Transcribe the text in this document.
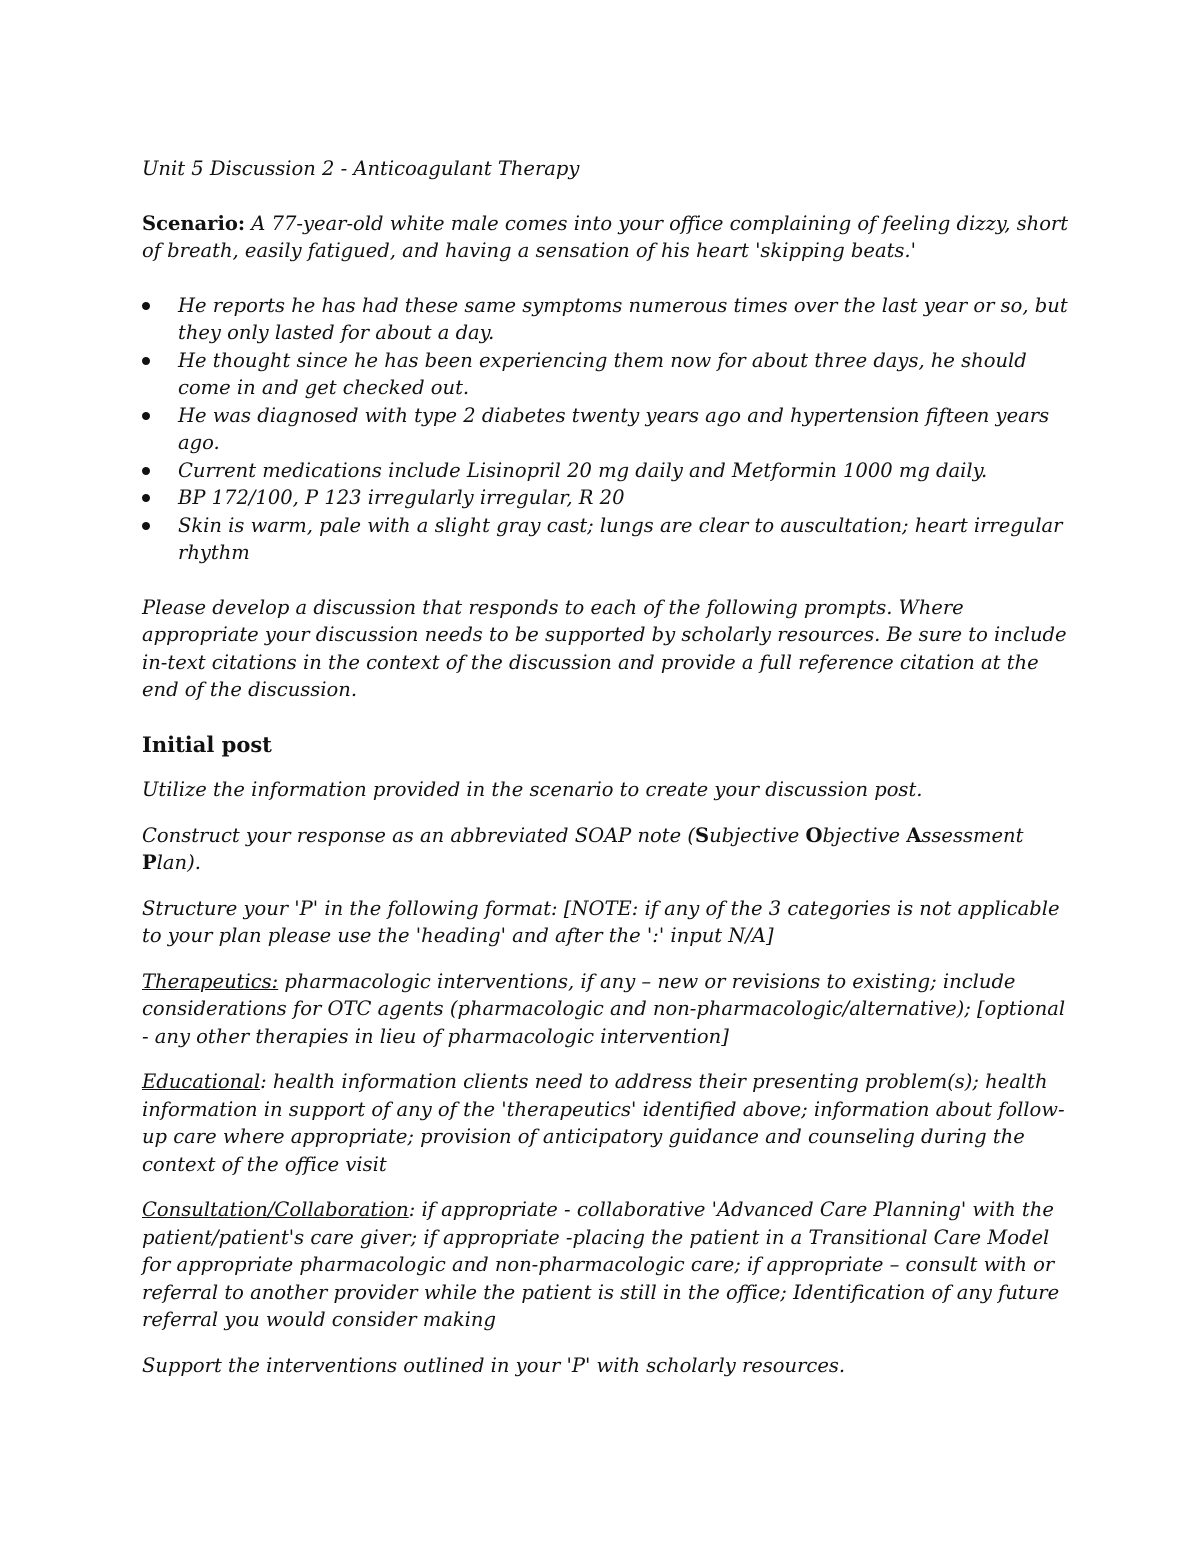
Unit 5 Discussion 2 - Anticoagulant Therapy

Scenario: A 77-year-old white male comes into your office complaining of feeling dizzy, short of breath, easily fatigued, and having a sensation of his heart 'skipping beats.'

He reports he has had these same symptoms numerous times over the last year or so, but they only lasted for about a day.
He thought since he has been experiencing them now for about three days, he should come in and get checked out.
He was diagnosed with type 2 diabetes twenty years ago and hypertension fifteen years ago.
Current medications include Lisinopril 20 mg daily and Metformin 1000 mg daily.
BP 172/100, P 123 irregularly irregular, R 20
Skin is warm, pale with a slight gray cast; lungs are clear to auscultation; heart irregular rhythm

Please develop a discussion that responds to each of the following prompts. Where appropriate your discussion needs to be supported by scholarly resources. Be sure to include in-text citations in the context of the discussion and provide a full reference citation at the end of the discussion.

Initial post

Utilize the information provided in the scenario to create your discussion post.

Construct your response as an abbreviated SOAP note (Subjective Objective Assessment Plan).

Structure your 'P' in the following format: [NOTE: if any of the 3 categories is not applicable to your plan please use the 'heading' and after the ':' input N/A]

Therapeutics: pharmacologic interventions, if any – new or revisions to existing; include considerations for OTC agents (pharmacologic and non-pharmacologic/alternative); [optional - any other therapies in lieu of pharmacologic intervention]

Educational: health information clients need to address their presenting problem(s); health information in support of any of the 'therapeutics' identified above; information about follow-up care where appropriate; provision of anticipatory guidance and counseling during the context of the office visit

Consultation/Collaboration: if appropriate - collaborative 'Advanced Care Planning' with the patient/patient's care giver; if appropriate -placing the patient in a Transitional Care Model for appropriate pharmacologic and non-pharmacologic care; if appropriate – consult with or referral to another provider while the patient is still in the office; Identification of any future referral you would consider making

Support the interventions outlined in your 'P' with scholarly resources.
